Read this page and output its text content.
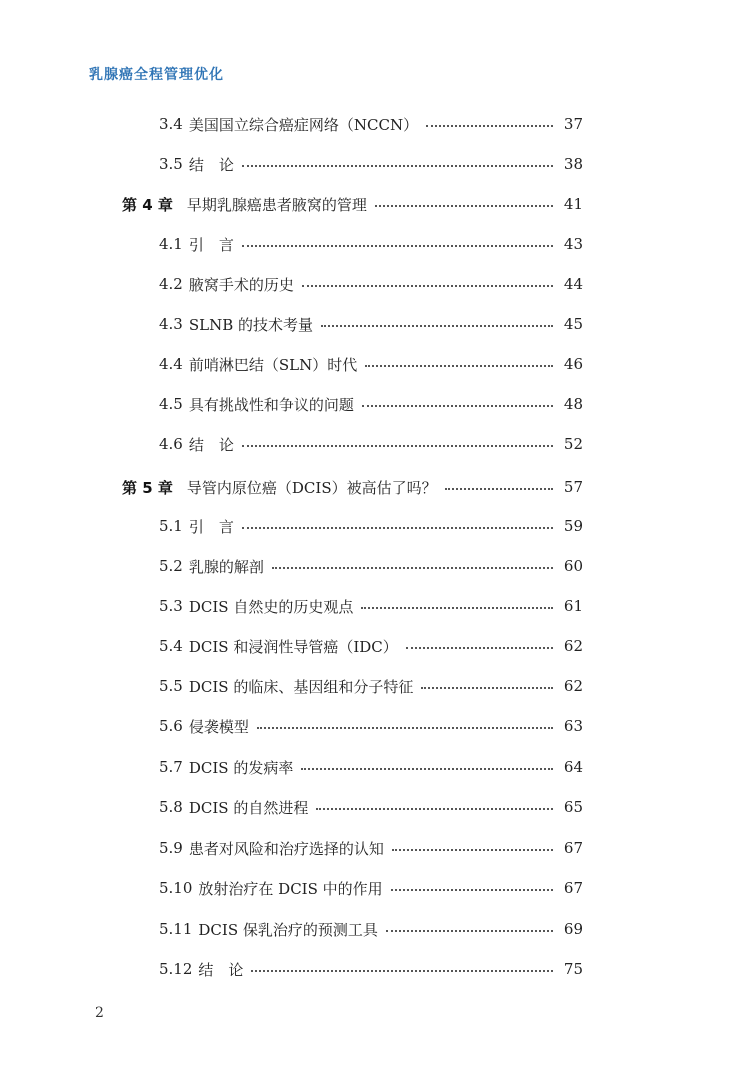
乳腺癌全程管理优化
3.4 美国国立综合癌症网络（NCCN）	37
3.5 结　论	38
第 4 章 早期乳腺癌患者腋窝的管理	41
4.1 引　言	43
4.2 腋窝手术的历史	44
4.3 SLNB 的技术考量	45
4.4 前哨淋巴结（SLN）时代	46
4.5 具有挑战性和争议的问题	48
4.6 结　论	52
第 5 章 导管内原位癌（DCIS）被高估了吗？	57
5.1 引　言	59
5.2 乳腺的解剖	60
5.3 DCIS 自然史的历史观点	61
5.4 DCIS 和浸润性导管癌（IDC）	62
5.5 DCIS 的临床、基因组和分子特征	62
5.6 侵袭模型	63
5.7 DCIS 的发病率	64
5.8 DCIS 的自然进程	65
5.9 患者对风险和治疗选择的认知	67
5.10 放射治疗在 DCIS 中的作用	67
5.11 DCIS 保乳治疗的预测工具	69
5.12 结　论	75
2
